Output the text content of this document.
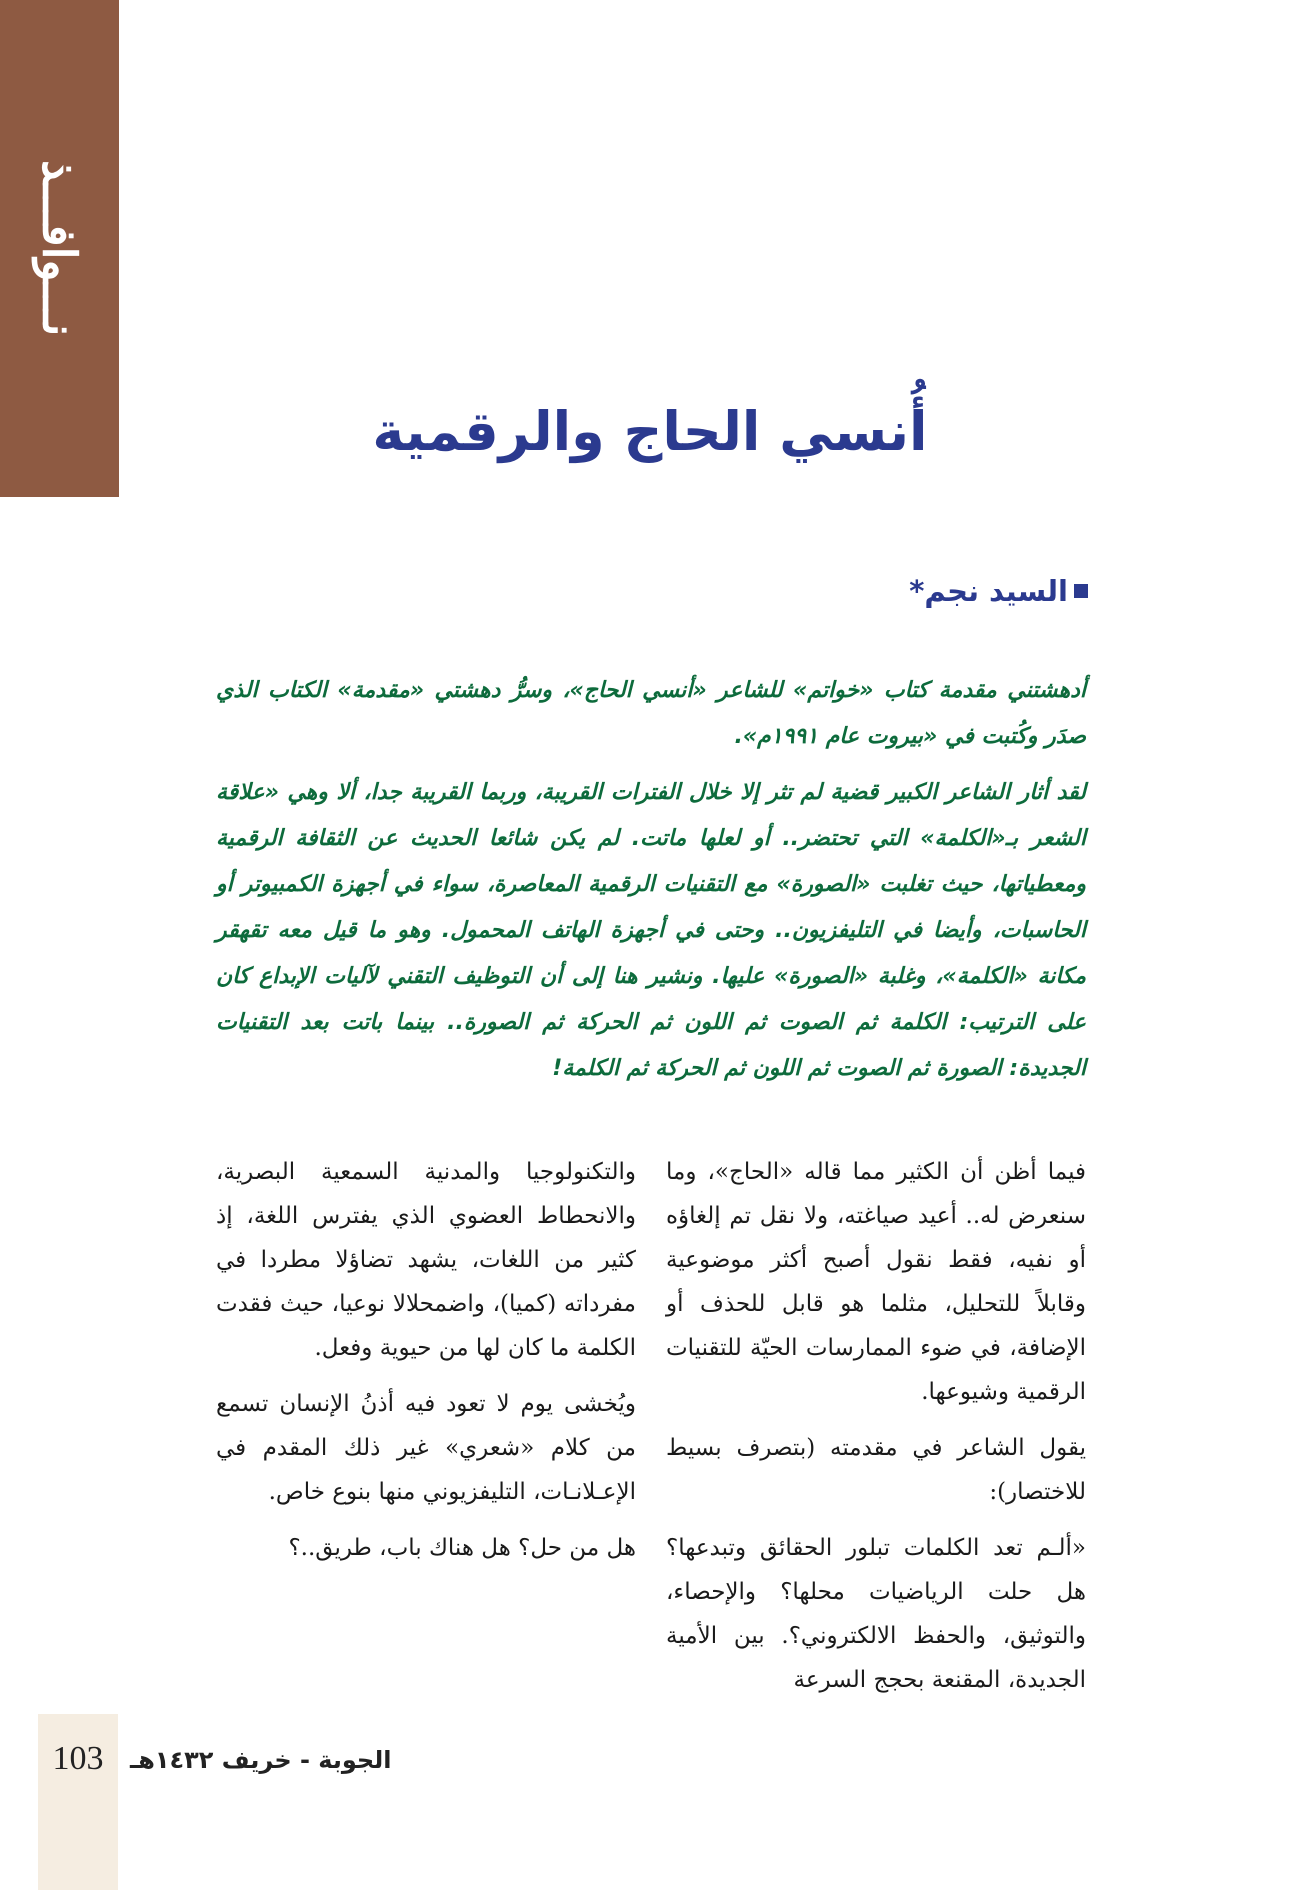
نـــوافـــذ
أُنسي الحاج والرقمية
السيد نجم*

أدهشتني مقدمة كتاب «خواتم» للشاعر «أنسي الحاج»، وسرُّ دهشتي «مقدمة» الكتاب الذي صدَر وكُتبت في «بيروت عام ١٩٩١م».

لقد أثار الشاعر الكبير قضية لم تثر إلا خلال الفترات القريبة، وربما القريبة جدا، ألا وهي «علاقة الشعر بـ«الكلمة» التي تحتضر.. أو لعلها ماتت. لم يكن شائعا الحديث عن الثقافة الرقمية ومعطياتها، حيث تغلبت «الصورة» مع التقنيات الرقمية المعاصرة، سواء في أجهزة الكمبيوتر أو الحاسبات، وأيضا في التليفزيون.. وحتى في أجهزة الهاتف المحمول. وهو ما قيل معه تقهقر مكانة «الكلمة»، وغلبة «الصورة» عليها. ونشير هنا إلى أن التوظيف التقني لآليات الإبداع كان على الترتيب: الكلمة ثم الصوت ثم اللون ثم الحركة ثم الصورة.. بينما باتت بعد التقنيات الجديدة: الصورة ثم الصوت ثم اللون ثم الحركة ثم الكلمة!

فيما أظن أن الكثير مما قاله «الحاج»، وما سنعرض له.. أعيد صياغته، ولا نقل تم إلغاؤه أو نفيه، فقط نقول أصبح أكثر موضوعية وقابلاً للتحليل، مثلما هو قابل للحذف أو الإضافة، في ضوء الممارسات الحيّة للتقنيات الرقمية وشيوعها.

يقول الشاعر في مقدمته (بتصرف بسيط للاختصار):

«ألـم تعد الكلمات تبلور الحقائق وتبدعها؟ هل حلت الرياضيات محلها؟ والإحصاء، والتوثيق، والحفظ الالكتروني؟. بين الأمية الجديدة، المقنعة بحجج السرعة

والتكنولوجيا والمدنية السمعية البصرية، والانحطاط العضوي الذي يفترس اللغة، إذ كثير من اللغات، يشهد تضاؤلا مطردا في مفرداته (كميا)، واضمحلالا نوعيا، حيث فقدت الكلمة ما كان لها من حيوية وفعل.

ويُخشى يوم لا تعود فيه أذنُ الإنسان تسمع من كلام «شعري» غير ذلك المقدم في الإعـلانـات، التليفزيوني منها بنوع خاص.

هل من حل؟ هل هناك باب، طريق..؟

103	الجوبة - خريف ١٤٣٢هـ
